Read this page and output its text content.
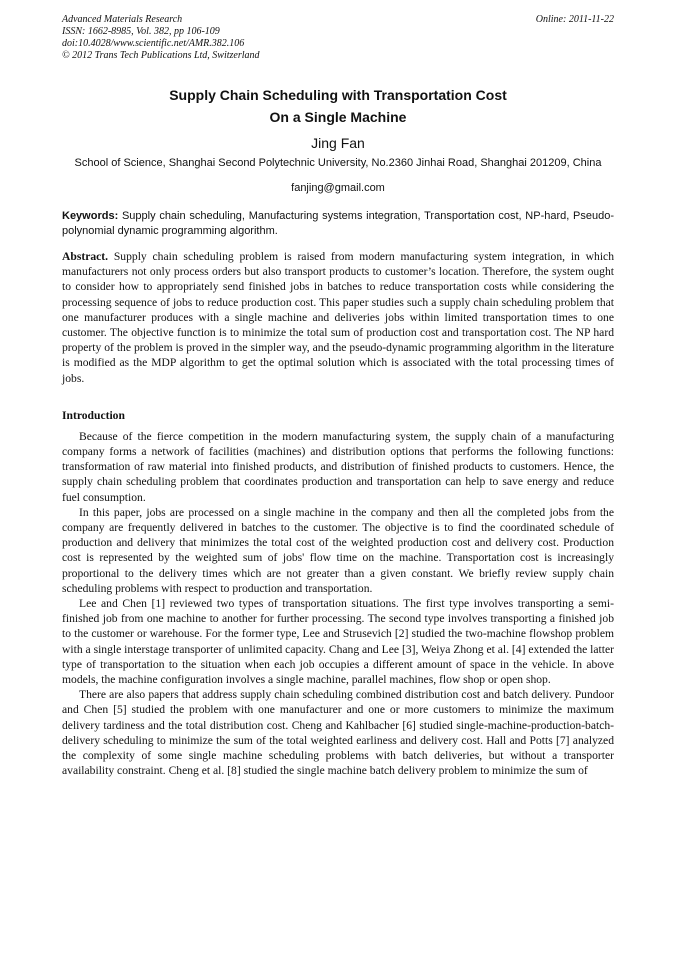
Advanced Materials Research	Online: 2011-11-22
ISSN: 1662-8985, Vol. 382, pp 106-109
doi:10.4028/www.scientific.net/AMR.382.106
© 2012 Trans Tech Publications Ltd, Switzerland
Supply Chain Scheduling with Transportation Cost
On a Single Machine
Jing Fan
School of Science, Shanghai Second Polytechnic University, No.2360 Jinhai Road, Shanghai 201209, China
fanjing@gmail.com
Keywords: Supply chain scheduling, Manufacturing systems integration, Transportation cost, NP-hard, Pseudo-polynomial dynamic programming algorithm.
Abstract. Supply chain scheduling problem is raised from modern manufacturing system integration, in which manufacturers not only process orders but also transport products to customer’s location. Therefore, the system ought to consider how to appropriately send finished jobs in batches to reduce transportation costs while considering the processing sequence of jobs to reduce production cost. This paper studies such a supply chain scheduling problem that one manufacturer produces with a single machine and deliveries jobs within limited transportation times to one customer. The objective function is to minimize the total sum of production cost and transportation cost. The NP hard property of the problem is proved in the simpler way, and the pseudo-dynamic programming algorithm in the literature is modified as the MDP algorithm to get the optimal solution which is associated with the total processing times of jobs.
Introduction

Because of the fierce competition in the modern manufacturing system, the supply chain of a manufacturing company forms a network of facilities (machines) and distribution options that performs the following functions: transformation of raw material into finished products, and distribution of finished products to customers. Hence, the supply chain scheduling problem that coordinates production and transportation can help to save energy and reduce fuel consumption.

In this paper, jobs are processed on a single machine in the company and then all the completed jobs from the company are frequently delivered in batches to the customer. The objective is to find the coordinated schedule of production and delivery that minimizes the total cost of the weighted production cost and delivery cost. Production cost is represented by the weighted sum of jobs' flow time on the machine. Transportation cost is increasingly proportional to the delivery times which are not greater than a given constant. We briefly review supply chain scheduling problems with respect to production and transportation.

Lee and Chen [1] reviewed two types of transportation situations. The first type involves transporting a semi-finished job from one machine to another for further processing. The second type involves transporting a finished job to the customer or warehouse. For the former type, Lee and Strusevich [2] studied the two-machine flowshop problem with a single interstage transporter of unlimited capacity. Chang and Lee [3], Weiya Zhong et al. [4] extended the latter type of transportation to the situation when each job occupies a different amount of space in the vehicle. In above models, the machine configuration involves a single machine, parallel machines, flow shop or open shop.

There are also papers that address supply chain scheduling combined distribution cost and batch delivery. Pundoor and Chen [5] studied the problem with one manufacturer and one or more customers to minimize the maximum delivery tardiness and the total distribution cost. Cheng and Kahlbacher [6] studied single-machine-production-batch-delivery scheduling to minimize the sum of the total weighted earliness and delivery cost. Hall and Potts [7] analyzed the complexity of some single machine scheduling problems with batch deliveries, but without a transporter availability constraint. Cheng et al. [8] studied the single machine batch delivery problem to minimize the sum of
